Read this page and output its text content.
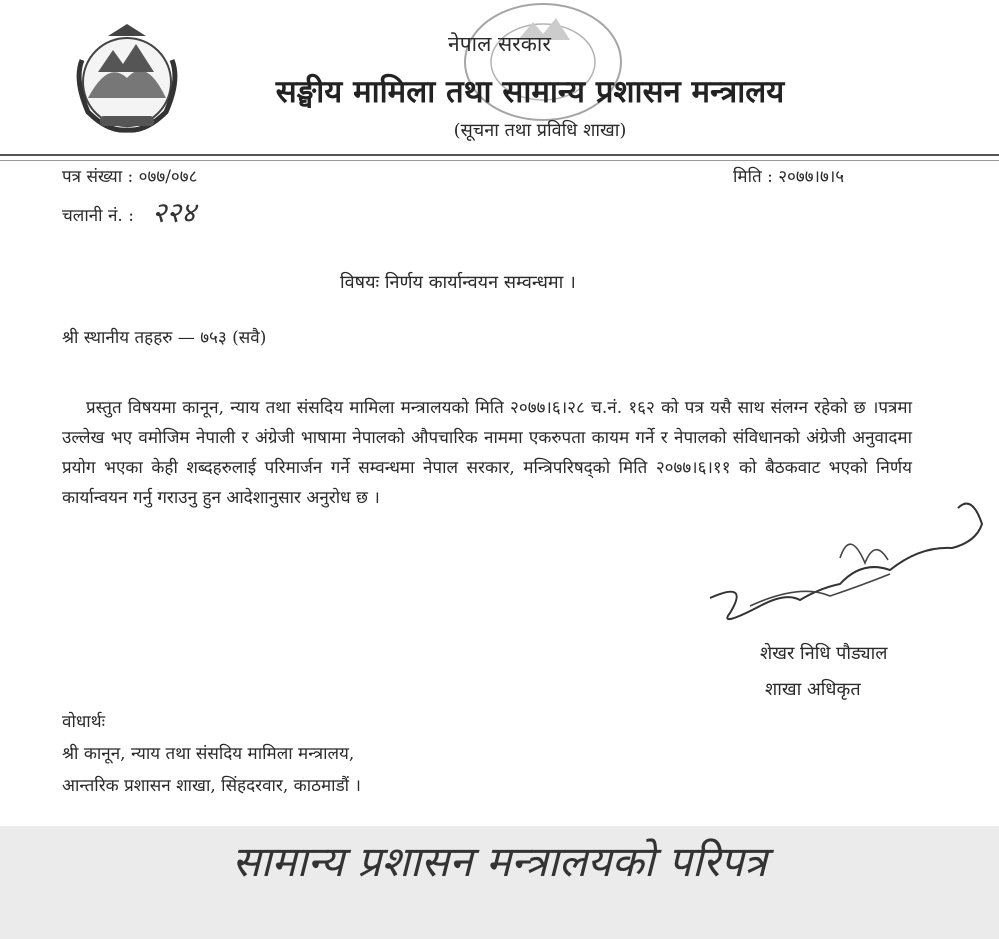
नेपाल सरकार
सङ्घीय मामिला तथा सामान्य प्रशासन मन्त्रालय
(सूचना तथा प्रविधि शाखा)
पत्र संख्या : ०७७/०७८	मिति : २०७७।७।५
चलानी नं. : २२४
विषयः निर्णय कार्यान्वयन सम्वन्धमा ।
श्री स्थानीय तहहरु — ७५३ (सवै)

प्रस्तुत विषयमा कानून, न्याय तथा संसदिय मामिला मन्त्रालयको मिति २०७७।६।२८ च.नं. १६२ को पत्र यसै साथ संलग्न रहेको छ ।पत्रमा उल्लेख भए वमोजिम नेपाली र अंग्रेजी भाषामा नेपालको औपचारिक नाममा एकरुपता कायम गर्ने र नेपालको संविधानको अंग्रेजी अनुवादमा प्रयोग भएका केही शब्दहरुलाई परिमार्जन गर्ने सम्वन्धमा नेपाल सरकार, मन्त्रिपरिषद्को मिति २०७७।६।११ को बैठकवाट भएको निर्णय कार्यान्वयन गर्नु गराउनु हुन आदेशानुसार अनुरोध छ ।

शेखर निधि पौड्याल
शाखा अधिकृत
वोधार्थः
श्री कानून, न्याय तथा संसदिय मामिला मन्त्रालय,
आन्तरिक प्रशासन शाखा, सिंहदरवार, काठमाडौं ।
सामान्य प्रशासन मन्त्रालयको परिपत्र
